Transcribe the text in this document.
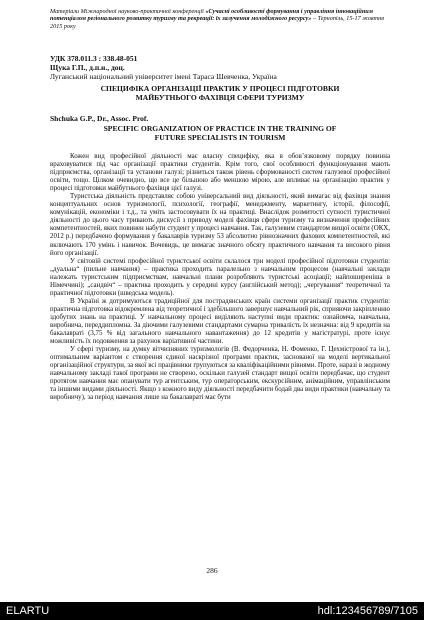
Матеріали Міжнародної науково-практичної конференції «Сучасні особливості формування і управління інноваційним потенціалом регіонального розвитку туризму та рекреації: їх залучення молодіжного ресурсу» – Тернопіль, 15-17 жовтня 2015 року
УДК 378.011.3 : 338.48-051
Щука Г.П., д.п.н., доц.
Луганський національний університет імені Тараса Шевченка, Україна
СПЕЦИФІКА ОРГАНІЗАЦІЇ ПРАКТИК У ПРОЦЕСІ ПІДГОТОВКИ
МАЙБУТНЬОГО ФАХІВЦЯ СФЕРИ ТУРИЗМУ
Shchuka G.P., Dr., Assoc. Prof.
SPECIFIC ORGANIZATION OF PRACTICE IN THE TRAINING OF
FUTURE SPECIALISTS IN TOURISM

Кожен вид професійної діяльності має власну специфіку, яка в обов’язковому порядку повинна враховуватися під час організації практики студентів. Крім того, свої особливості функціонування мають підприємства, організації та установи галузі; різниться також рівень сформованості систем галузевої професійної освіти, тощо. Цілком очевидно, що все це більшою або меншою мірою, але впливає на організацію практик у процесі підготовки майбутнього фахівця цієї галузі.

Туристська діяльність представляє собою універсальний вид діяльності, який вимагає від фахівця знання концептуальних основ туризмології, психології, географії, менеджменту, маркетингу, історії, філософії, комунікацій, економіки і т.д., та уміть застосовувати їх на практиці. Внаслідок розмитості сутності туристичної діяльності до цього часу тривають дискусії з приводу моделі фахівця сфери туризму та визначення професійних компетентностей, яких повинен набути студент у процесі навчання. Так, галузевим стандартом вищої освіти (ОКХ, 2012 р.) передбачено формування у бакалаврів туризму 53 абсолютно рівнозначних фахових компетентностей, які включають 170 умінь і навичок. Вочевидь, це вимагає значного обсягу практичного навчання та високого рівня його організації.

У світовій системі професійної туристської освіти склалося три моделі професійної підготовки студентів: „дуальна“ (пильне навчання) – практика проходить паралельно з навчальним процесом (навчальні заклади належать туристським підприємствам, навчальні плани розробляють туристські асоціації; найпоширеніша в Німеччині); „сандвіч“ – практика проходить у середині курсу (англійський метод); „чергування“ теоретичної та практичної підготовки (шведська модель).

В Україні ж дотримуються традиційної для пострадянських країн системи організації практик студентів: практична підготовка відокремлена від теоретичної і здебільшого завершує навчальний рік, сприяючи закріпленню здобутих знань на практиці. У навчальному процесі виділяють наступні види практик: ознайомча, навчальна, виробнича, переддипломна. За діючими галузевими стандартами сумарна тривалість їх незначна: від 9 кредитів на бакалавраті (3,75 % від загального навчального навантаження) до 12 кредитів у магістратурі, проте існує можливість їх подовження за рахунок варіативної частини.

У сфері туризму, на думку вітчизняних туризмологів (В. Федорченка, Н. Фоменко, Г. Цехмістрової та ін.), оптимальним варіантом є створення єдиної наскрізної програми практик, заснованої на моделі вертикальної організаційної структури, за якої всі працівники групуються за кваліфікаційними рівнями. Проте, наразі в жодному навчальному закладі такої програми не створено, оскільки галузей стандарт вищої освіти передбачає, що студент протягом навчання має опанувати тур агентським, тур операторським, екскурсійним, анімаційним, управлінським та іншими видами діяльності. Якщо з кожного виду діяльності передбачити бодай два види практики (навчальну та виробничу), за період навчання лише на бакалавраті має бути

286
ELARTU	hdl:123456789/7105
